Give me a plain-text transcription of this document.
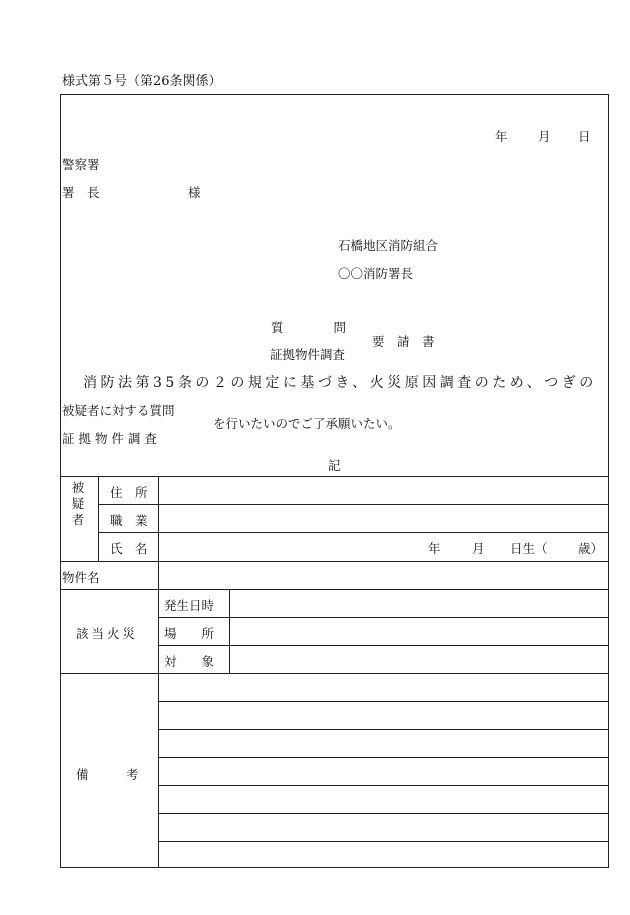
様式第５号（第26条関係）
年 月 日
警察署
署　長	様
石橋地区消防組合
〇〇消防署長
質　　　　問
証拠物件調査
要　請　書
消防法第35条の２の規定に基づき、火災原因調査のため、つぎの
被疑者に対する質問
証 拠 物 件 調 査
を行いたいのでご了承願いたい。
記
被疑者
住　所
職　業
氏　名	年	月 日生（ 歳）
物件名
該当火災
発生日時
場　　所
対　　象
備　　　考
